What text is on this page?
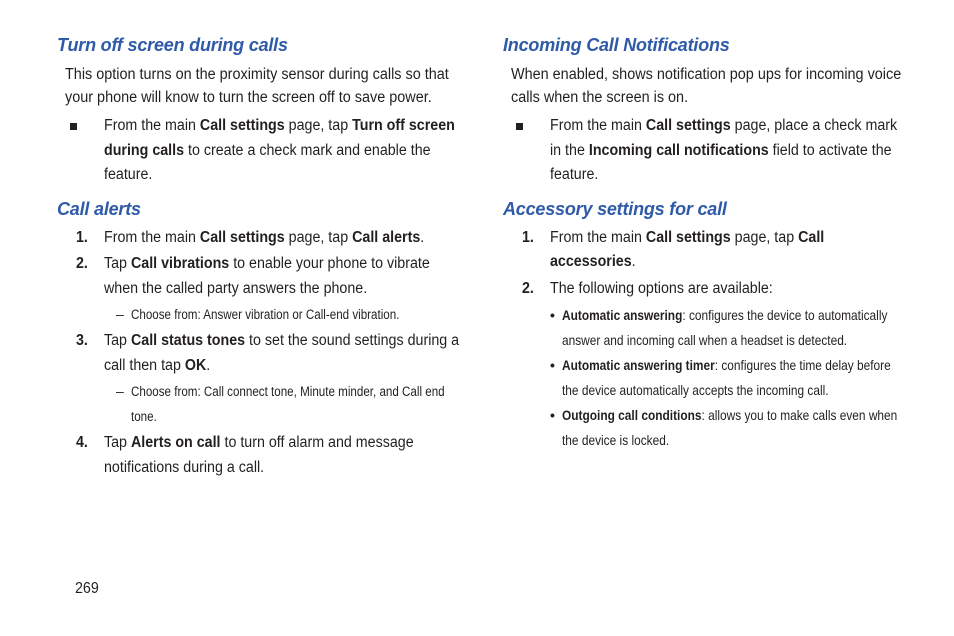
Turn off screen during calls

This option turns on the proximity sensor during calls so that your phone will know to turn the screen off to save power.

From the main Call settings page, tap Turn off screen during calls to create a check mark and enable the feature.
Call alerts
1. From the main Call settings page, tap Call alerts.
2. Tap Call vibrations to enable your phone to vibrate when the called party answers the phone.
– Choose from: Answer vibration or Call-end vibration.
3. Tap Call status tones to set the sound settings during a call then tap OK.
– Choose from: Call connect tone, Minute minder, and Call end tone.
4. Tap Alerts on call to turn off alarm and message notifications during a call.
Incoming Call Notifications

When enabled, shows notification pop ups for incoming voice calls when the screen is on.

From the main Call settings page, place a check mark in the Incoming call notifications field to activate the feature.
Accessory settings for call
1. From the main Call settings page, tap Call accessories.
2. The following options are available:
• Automatic answering: configures the device to automatically answer and incoming call when a headset is detected.
• Automatic answering timer: configures the time delay before the device automatically accepts the incoming call.
• Outgoing call conditions: allows you to make calls even when the device is locked.
269
